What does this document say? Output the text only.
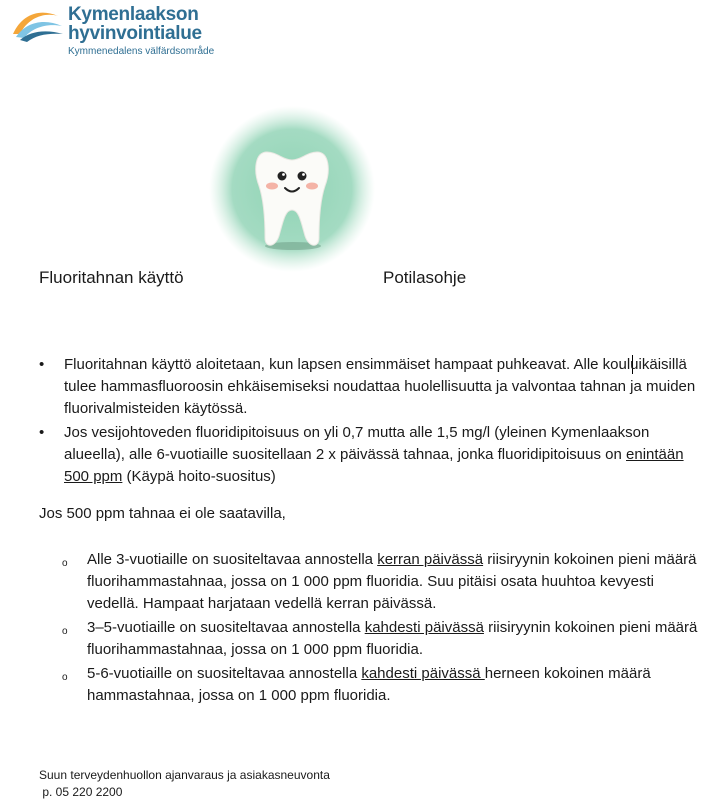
Kymenlaakson
hyvinvointialue
Kymmenedalens välfärdsområde
Fluoritahnan käyttö	Potilasohje
• Fluoritahnan käyttö aloitetaan, kun lapsen ensimmäiset hampaat puhkeavat. Alle kouluikäisillä tulee hammasfluoroosin ehkäisemiseksi noudattaa huolellisuutta ja valvontaa tahnan ja muiden fluorivalmisteiden käytössä.
• Jos vesijohtoveden fluoridipitoisuus on yli 0,7 mutta alle 1,5 mg/l (yleinen Kymenlaakson alueella), alle 6-vuotiaille suositellaan 2 x päivässä tahnaa, jonka fluoridipitoisuus on enintään 500 ppm (Käypä hoito-suositus)
Jos 500 ppm tahnaa ei ole saatavilla,
o Alle 3-vuotiaille on suositeltavaa annostella kerran päivässä riisiryynin kokoinen pieni määrä fluorihammastahnaa, jossa on 1 000 ppm fluoridia. Suu pitäisi osata huuhtoa kevyesti vedellä. Hampaat harjataan vedellä kerran päivässä.
o 3–5-vuotiaille on suositeltavaa annostella kahdesti päivässä riisiryynin kokoinen pieni määrä fluorihammastahnaa, jossa on 1 000 ppm fluoridia.
o 5-6-vuotiaille on suositeltavaa annostella kahdesti päivässä herneen kokoinen määrä hammastahnaa, jossa on 1 000 ppm fluoridia.
Suun terveydenhuollon ajanvaraus ja asiakasneuvonta
p. 05 220 2200
